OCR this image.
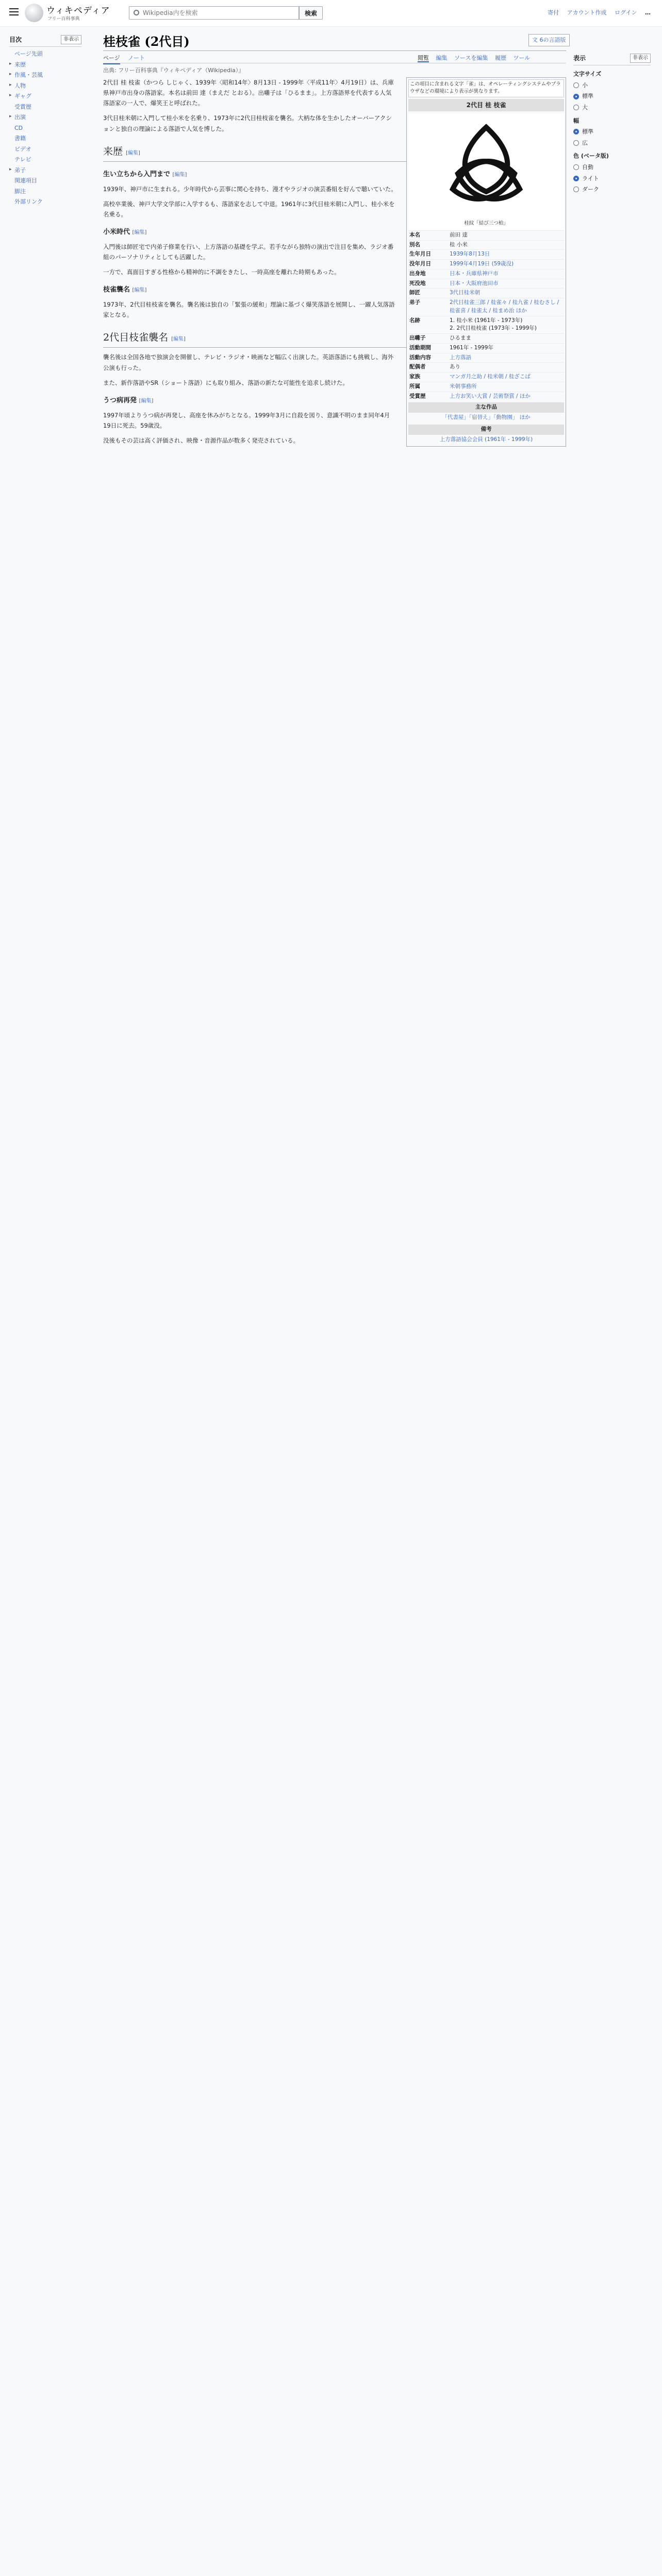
ウィキペディア
フリー百科事典
Wikipedia内を検索
検索	寄付 アカウント作成 ログイン …
目次	非表示
ページ先頭
▸ 来歴
▸ 作風・芸風
▸ 人物
▸ ギャグ
受賞歴
▸ 出演
CD
書籍
ビデオ
テレビ
▸ 弟子
関連項目
脚注
外部リンク
桂枝雀 (2代目)	文 6の言語版
ページ ノート	閲覧 編集 ソースを編集 履歴 ツール
出典: フリー百科事典『ウィキペディア（Wikipedia）』
表示	非表示
文字サイズ
小
標準
大
幅
標準
広
色 (ベータ版)
自動
ライト
ダーク
この項目に含まれる文字「雀」は、オペレーティングシステムやブラウザなどの環境により表示が異なります。
2代目 桂 枝雀
桂紋「結び三つ柏」
本名	前田 達
別名	桂 小米
生年月日	1939年8月13日
没年月日	1999年4月19日 (59歳没)
出身地	日本・兵庫県神戸市
死没地	日本・大阪府池田市
師匠	3代目桂米朝
弟子	2代目桂雀三郎 / 桂雀々 / 桂九雀 / 桂むさし / 桂雀喜 / 桂雀太 / 桂まめ治 ほか
名跡	1. 桂小米 (1961年 - 1973年)
2. 2代目桂枝雀 (1973年 - 1999年)
出囃子	ひるまま
活動期間	1961年 - 1999年
活動内容	上方落語
配偶者	あり
家族	マンガ月之助 / 桂米朝 / 桂ざこば
所属	米朝事務所
受賞歴	上方お笑い大賞 / 芸術祭賞 / ほか
主な作品
「代書屋」「宿替え」「動物園」 ほか
備考
上方落語協会会員 (1961年 - 1999年)

2代目 桂 枝雀（かつら しじゃく、1939年〈昭和14年〉8月13日 - 1999年〈平成11年〉4月19日）は、兵庫県神戸市出身の落語家。本名は前田 達（まえだ とおる）。出囃子は「ひるまま」。上方落語界を代表する人気落語家の一人で、爆笑王と呼ばれた。

3代目桂米朝に入門して桂小米を名乗り、1973年に2代目桂枝雀を襲名。大柄な体を生かしたオーバーアクションと独自の理論による落語で人気を博した。

来歴 [編集]
生い立ちから入門まで [編集]

1939年、神戸市に生まれる。少年時代から芸事に関心を持ち、漫才やラジオの演芸番組を好んで聴いていた。

高校卒業後、神戸大学文学部に入学するも、落語家を志して中退。1961年に3代目桂米朝に入門し、桂小米を名乗る。

小米時代 [編集]

入門後は師匠宅で内弟子修業を行い、上方落語の基礎を学ぶ。若手ながら独特の演出で注目を集め、ラジオ番組のパーソナリティとしても活躍した。

一方で、真面目すぎる性格から精神的に不調をきたし、一時高座を離れた時期もあった。

枝雀襲名 [編集]

1973年、2代目桂枝雀を襲名。襲名後は独自の「緊張の緩和」理論に基づく爆笑落語を展開し、一躍人気落語家となる。

2代目枝雀襲名 [編集]

襲名後は全国各地で独演会を開催し、テレビ・ラジオ・映画など幅広く出演した。英語落語にも挑戦し、海外公演も行った。

また、新作落語やSR（ショート落語）にも取り組み、落語の新たな可能性を追求し続けた。

うつ病再発 [編集]

1997年頃よりうつ病が再発し、高座を休みがちとなる。1999年3月に自殺を図り、意識不明のまま同年4月19日に死去。59歳没。

没後もその芸は高く評価され、映像・音源作品が数多く発売されている。
